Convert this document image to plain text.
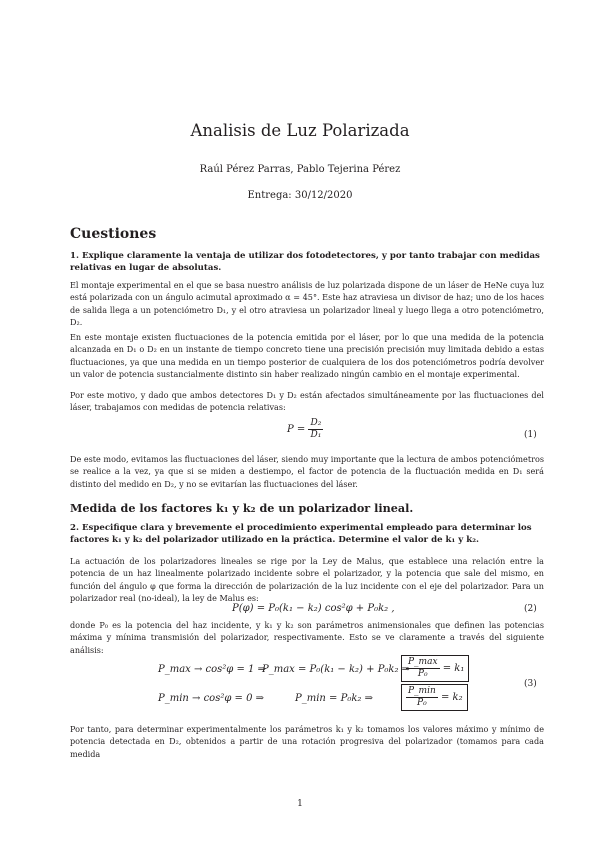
Analisis de Luz Polarizada
Raúl Pérez Parras, Pablo Tejerina Pérez
Entrega: 30/12/2020
Cuestiones
1. Explique claramente la ventaja de utilizar dos fotodetectores, y por tanto trabajar con medidas relativas en lugar de absolutas.
El montaje experimental en el que se basa nuestro análisis de luz polarizada dispone de un láser de HeNe cuya luz está polarizada con un ángulo acimutal aproximado α = 45°. Este haz atraviesa un divisor de haz; uno de los haces de salida llega a un potenciómetro D₁, y el otro atraviesa un polarizador lineal y luego llega a otro potenciómetro, D₂.
En este montaje existen fluctuaciones de la potencia emitida por el láser, por lo que una medida de la potencia alcanzada en D₁ o D₂ en un instante de tiempo concreto tiene una precisión precisión muy limitada debido a estas fluctuaciones, ya que una medida en un tiempo posterior de cualquiera de los dos potenciómetros podría devolver un valor de potencia sustancialmente distinto sin haber realizado ningún cambio en el montaje experimental.
Por este motivo, y dado que ambos detectores D₁ y D₂ están afectados simultáneamente por las fluctuaciones del láser, trabajamos con medidas de potencia relativas:
$P = \frac{\text{D₂}}{\text{D₁}}$	(1)
De este modo, evitamos las fluctuaciones del láser, siendo muy importante que la lectura de ambos potenciómetros se realice a la vez, ya que si se miden a destiempo, el factor de potencia de la fluctuación medida en D₁ será distinto del medido en D₂, y no se evitarían las fluctuaciones del láser.
Medida de los factores k₁ y k₂ de un polarizador lineal.
2. Especifique clara y brevemente el procedimiento experimental empleado para determinar los factores k₁ y k₂ del polarizador utilizado en la práctica. Determine el valor de k₁ y k₂.
La actuación de los polarizadores lineales se rige por la Ley de Malus, que establece una relación entre la potencia de un haz linealmente polarizado incidente sobre el polarizador, y la potencia que sale del mismo, en función del ángulo φ que forma la dirección de polarización de la luz incidente con el eje del polarizador. Para un polarizador real (no-ideal), la ley de Malus es:
P(φ) = P₀(k₁ − k₂) cos²φ + P₀k₂ ,	(2)
donde P₀ es la potencia del haz incidente, y k₁ y k₂ son parámetros animensionales que definen las potencias máxima y mínima transmisión del polarizador, respectivamente. Esto se ve claramente a través del siguiente análisis:
P_max → cos²φ = 1 ⇒
P_max = P₀(k₁ − k₂) + P₀k₂ ⇒
$\frac{P\_\max}{\text{P₀}} = k_1$
P_min → cos²φ = 0 ⇒	P_min = P₀k₂ ⇒	$\frac{P\_\min}{\text{P₀}} = k_2$
(3)
Por tanto, para determinar experimentalmente los parámetros k₁ y k₂ tomamos los valores máximo y mínimo de potencia detectada en D₂, obtenidos a partir de una rotación progresiva del polarizador (tomamos para cada medida
1
